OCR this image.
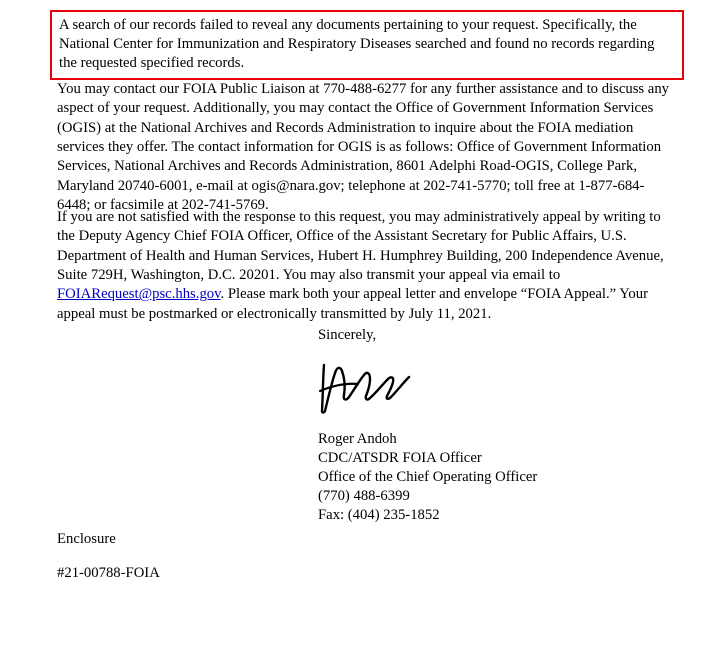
A search of our records failed to reveal any documents pertaining to your request. Specifically, the National Center for Immunization and Respiratory Diseases searched and found no records regarding the requested specified records.
You may contact our FOIA Public Liaison at 770-488-6277 for any further assistance and to discuss any aspect of your request. Additionally, you may contact the Office of Government Information Services (OGIS) at the National Archives and Records Administration to inquire about the FOIA mediation services they offer. The contact information for OGIS is as follows: Office of Government Information Services, National Archives and Records Administration, 8601 Adelphi Road-OGIS, College Park, Maryland 20740-6001, e-mail at ogis@nara.gov; telephone at 202-741-5770; toll free at 1-877-684-6448; or facsimile at 202-741-5769.
If you are not satisfied with the response to this request, you may administratively appeal by writing to the Deputy Agency Chief FOIA Officer, Office of the Assistant Secretary for Public Affairs, U.S. Department of Health and Human Services, Hubert H. Humphrey Building, 200 Independence Avenue, Suite 729H, Washington, D.C. 20201. You may also transmit your appeal via email to FOIARequest@psc.hhs.gov. Please mark both your appeal letter and envelope “FOIA Appeal.” Your appeal must be postmarked or electronically transmitted by July 11, 2021.
Sincerely,
Roger Andoh
CDC/ATSDR FOIA Officer
Office of the Chief Operating Officer
(770) 488-6399
Fax: (404) 235-1852
Enclosure
#21-00788-FOIA
